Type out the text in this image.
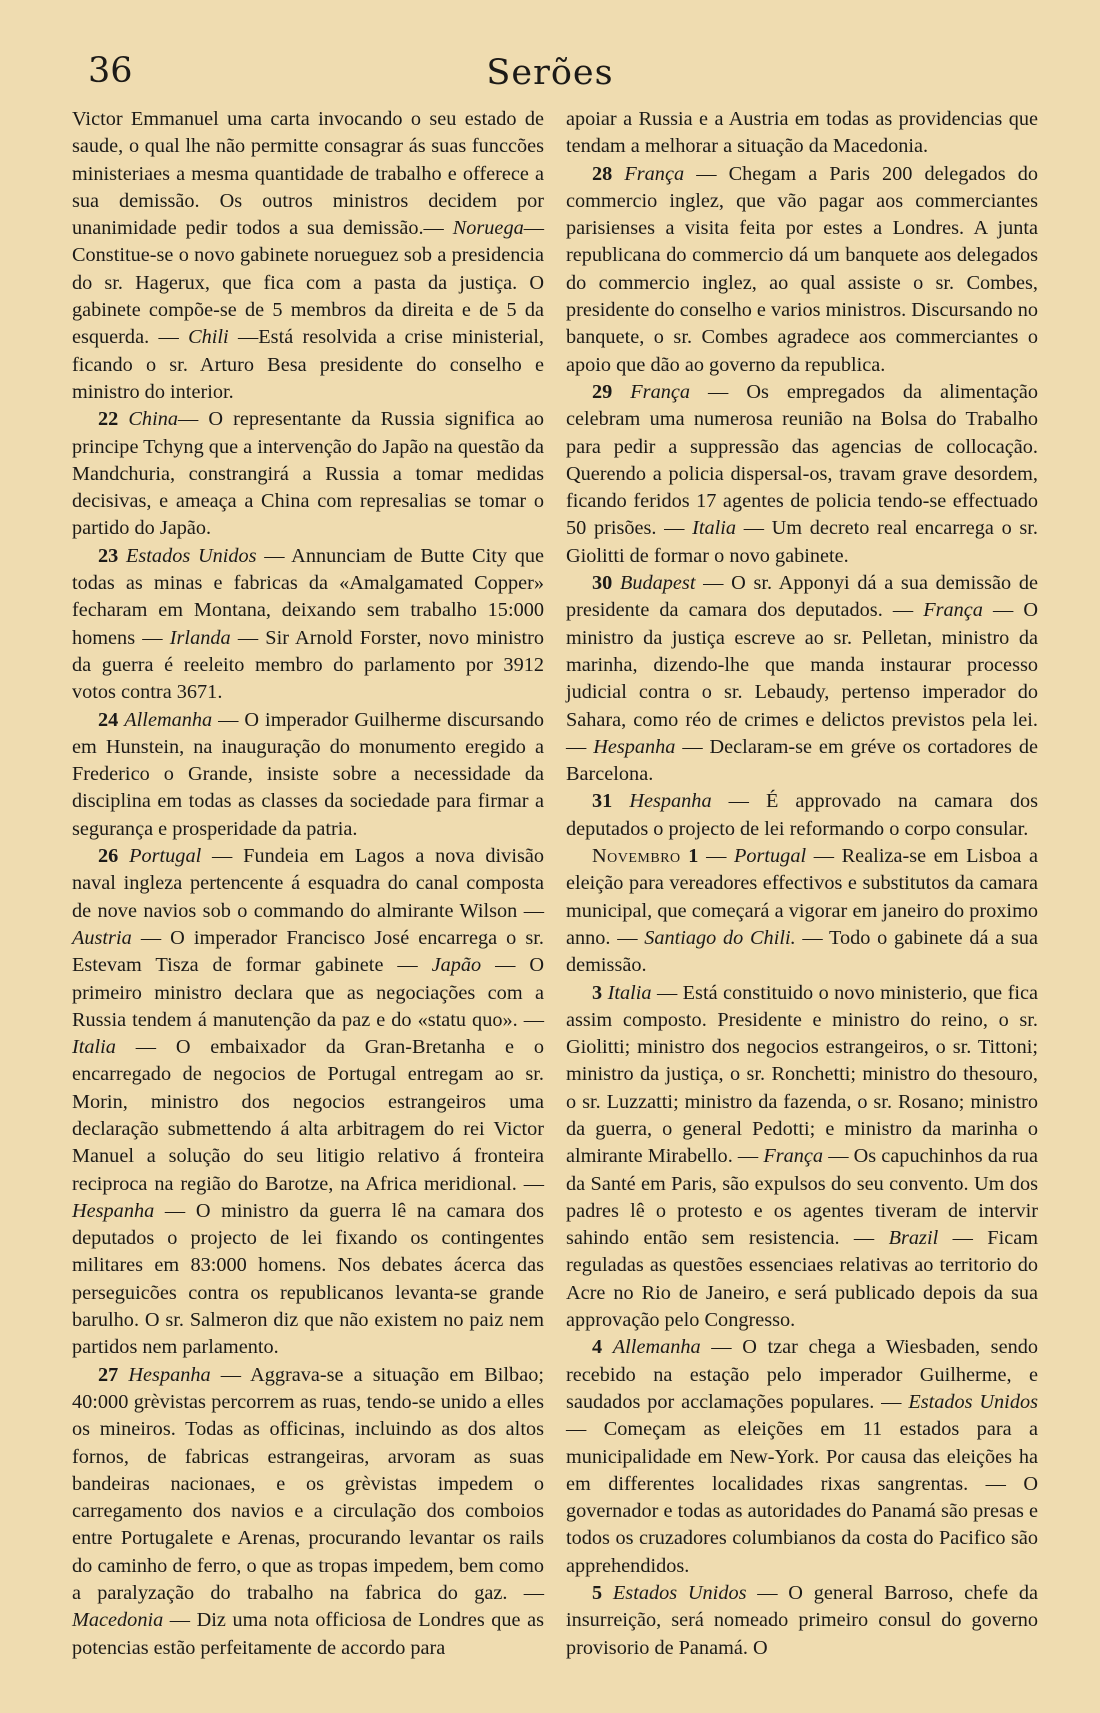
36	Serões

Victor Emmanuel uma carta invocando o seu estado de saude, o qual lhe não permitte consagrar ás suas funccões ministeriaes a mesma quantidade de trabalho e offerece a sua demissão. Os outros ministros decidem por unanimidade pedir todos a sua demissão.— Noruega— Constitue-se o novo gabinete norueguez sob a presidencia do sr. Hagerux, que fica com a pasta da justiça. O gabinete compõe-se de 5 membros da direita e de 5 da esquerda. — Chili —Está resolvida a crise ministerial, ficando o sr. Arturo Besa presidente do conselho e ministro do interior.

22 China— O representante da Russia significa ao principe Tchyng que a intervenção do Japão na questão da Mandchuria, constrangirá a Russia a tomar medidas decisivas, e ameaça a China com represalias se tomar o partido do Japão.

23 Estados Unidos — Annunciam de Butte City que todas as minas e fabricas da «Amalgamated Copper» fecharam em Montana, deixando sem trabalho 15:000 homens — Irlanda — Sir Arnold Forster, novo ministro da guerra é reeleito membro do parlamento por 3912 votos contra 3671.

24 Allemanha — O imperador Guilherme discursando em Hunstein, na inauguração do monumento eregido a Frederico o Grande, insiste sobre a necessidade da disciplina em todas as classes da sociedade para firmar a segurança e prosperidade da patria.

26 Portugal — Fundeia em Lagos a nova divisão naval ingleza pertencente á esquadra do canal composta de nove navios sob o commando do almirante Wilson — Austria — O imperador Francisco José encarrega o sr. Estevam Tisza de formar gabinete — Japão — O primeiro ministro declara que as negociações com a Russia tendem á manutenção da paz e do «statu quo». — Italia — O embaixador da Gran-Bretanha e o encarregado de negocios de Portugal entregam ao sr. Morin, ministro dos negocios estrangeiros uma declaração submettendo á alta arbitragem do rei Victor Manuel a solução do seu litigio relativo á fronteira reciproca na região do Barotze, na Africa meridional. — Hespanha — O ministro da guerra lê na camara dos deputados o projecto de lei fixando os contingentes militares em 83:000 homens. Nos debates ácerca das perseguicões contra os republicanos levanta-se grande barulho. O sr. Salmeron diz que não existem no paiz nem partidos nem parlamento.

27 Hespanha — Aggrava-se a situação em Bilbao; 40:000 grèvistas percorrem as ruas, tendo-se unido a elles os mineiros. Todas as officinas, incluindo as dos altos fornos, de fabricas estrangeiras, arvoram as suas bandeiras nacionaes, e os grèvistas impedem o carregamento dos navios e a circulação dos comboios entre Portugalete e Arenas, procurando levantar os rails do caminho de ferro, o que as tropas impedem, bem como a paralyzação do trabalho na fabrica do gaz. — Macedonia — Diz uma nota officiosa de Londres que as potencias estão perfeitamente de accordo para

apoiar a Russia e a Austria em todas as providencias que tendam a melhorar a situação da Macedonia.

28 França — Chegam a Paris 200 delegados do commercio inglez, que vão pagar aos commerciantes parisienses a visita feita por estes a Londres. A junta republicana do commercio dá um banquete aos delegados do commercio inglez, ao qual assiste o sr. Combes, presidente do conselho e varios ministros. Discursando no banquete, o sr. Combes agradece aos commerciantes o apoio que dão ao governo da republica.

29 França — Os empregados da alimentação celebram uma numerosa reunião na Bolsa do Trabalho para pedir a suppressão das agencias de collocação. Querendo a policia dispersal-os, travam grave desordem, ficando feridos 17 agentes de policia tendo-se effectuado 50 prisões. — Italia — Um decreto real encarrega o sr. Giolitti de formar o novo gabinete.

30 Budapest — O sr. Apponyi dá a sua demissão de presidente da camara dos deputados. — França — O ministro da justiça escreve ao sr. Pelletan, ministro da marinha, dizendo-lhe que manda instaurar processo judicial contra o sr. Lebaudy, pertenso imperador do Sahara, como réo de crimes e delictos previstos pela lei. — Hespanha — Declaram-se em gréve os cortadores de Barcelona.

31 Hespanha — É approvado na camara dos deputados o projecto de lei reformando o corpo consular.

Novembro 1 — Portugal — Realiza-se em Lisboa a eleição para vereadores effectivos e substitutos da camara municipal, que começará a vigorar em janeiro do proximo anno. — Santiago do Chili. — Todo o gabinete dá a sua demissão.

3 Italia — Está constituido o novo ministerio, que fica assim composto. Presidente e ministro do reino, o sr. Giolitti; ministro dos negocios estrangeiros, o sr. Tittoni; ministro da justiça, o sr. Ronchetti; ministro do thesouro, o sr. Luzzatti; ministro da fazenda, o sr. Rosano; ministro da guerra, o general Pedotti; e ministro da marinha o almirante Mirabello. — França — Os capuchinhos da rua da Santé em Paris, são expulsos do seu convento. Um dos padres lê o protesto e os agentes tiveram de intervir sahindo então sem resistencia. — Brazil — Ficam reguladas as questões essenciaes relativas ao territorio do Acre no Rio de Janeiro, e será publicado depois da sua approvação pelo Congresso.

4 Allemanha — O tzar chega a Wiesbaden, sendo recebido na estação pelo imperador Guilherme, e saudados por acclamações populares. — Estados Unidos — Começam as eleições em 11 estados para a municipalidade em New-York. Por causa das eleições ha em differentes localidades rixas sangrentas. — O governador e todas as autoridades do Panamá são presas e todos os cruzadores columbianos da costa do Pacifico são apprehendidos.

5 Estados Unidos — O general Barroso, chefe da insurreição, será nomeado primeiro consul do governo provisorio de Panamá. O
